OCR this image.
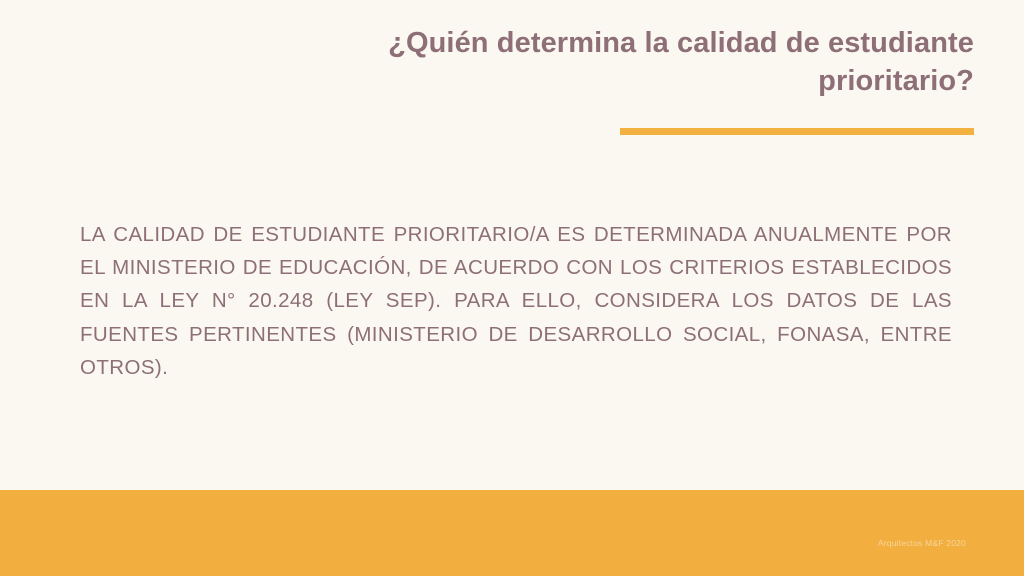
¿Quién determina la calidad de estudiante prioritario?
LA CALIDAD DE ESTUDIANTE PRIORITARIO/A ES DETERMINADA ANUALMENTE POR EL MINISTERIO DE EDUCACIÓN, DE ACUERDO CON LOS CRITERIOS ESTABLECIDOS EN LA LEY N° 20.248 (LEY SEP). PARA ELLO, CONSIDERA LOS DATOS DE LAS FUENTES PERTINENTES (MINISTERIO DE DESARROLLO SOCIAL, FONASA, ENTRE OTROS).
Arquitectos M&F 2020
